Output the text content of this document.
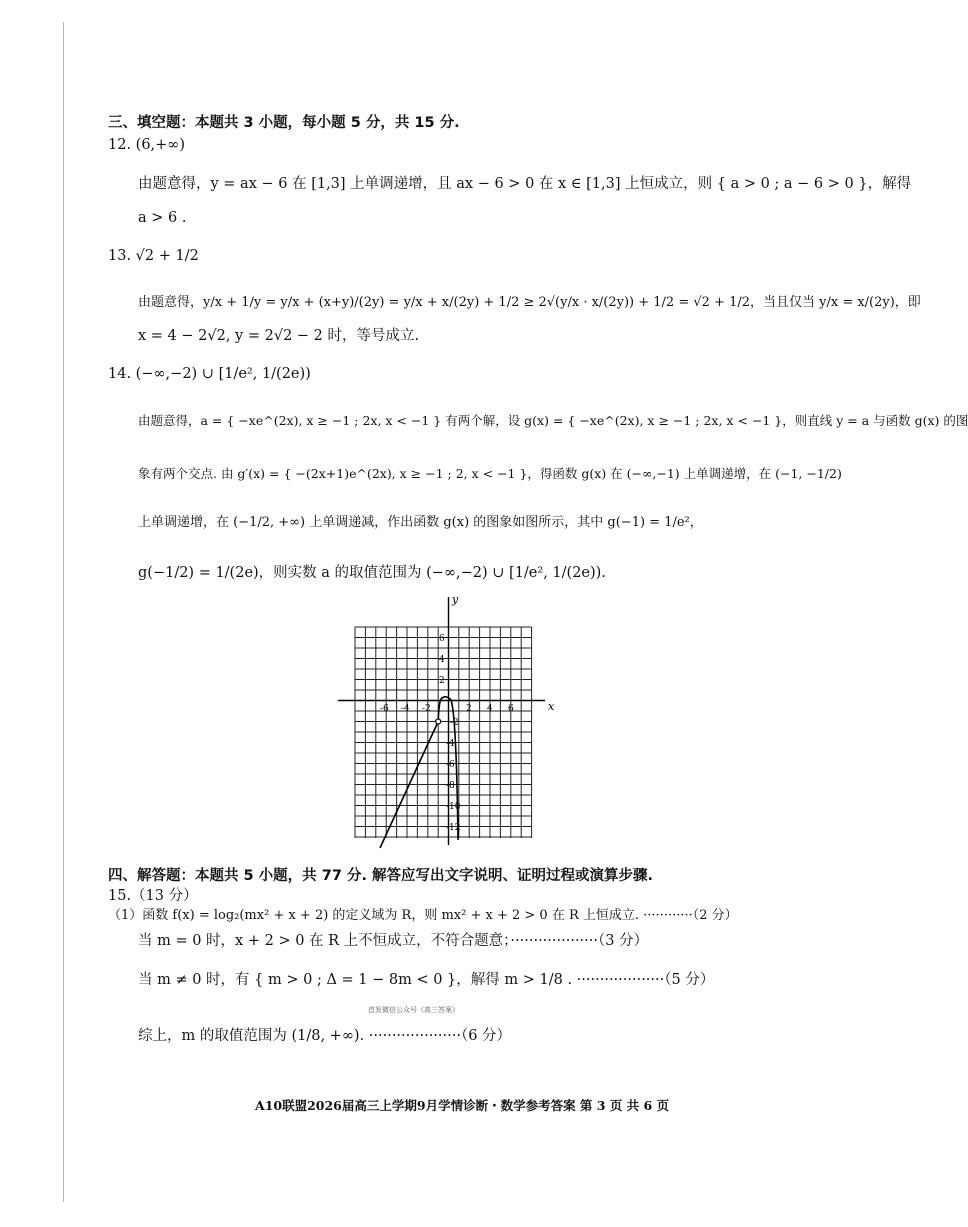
三、填空题：本题共 3 小题，每小题 5 分，共 15 分.
12. (6,+∞)
由题意得，y = ax − 6 在 [1,3] 上单调递增，且 ax − 6 > 0 在 x ∈ [1,3] 上恒成立，则 { a > 0 ; a − 6 > 0 }，解得
a > 6 .
13. √2 + 1/2
由题意得，y/x + 1/y = y/x + (x+y)/(2y) = y/x + x/(2y) + 1/2 ≥ 2√(y/x · x/(2y)) + 1/2 = √2 + 1/2，当且仅当 y/x = x/(2y)，即
x = 4 − 2√2, y = 2√2 − 2 时，等号成立.
14. (−∞,−2) ∪ [1/e², 1/(2e))
由题意得，a = { −xe^(2x), x ≥ −1 ; 2x, x < −1 } 有两个解，设 g(x) = { −xe^(2x), x ≥ −1 ; 2x, x < −1 }，则直线 y = a 与函数 g(x) 的图
象有两个交点. 由 g′(x) = { −(2x+1)e^(2x), x ≥ −1 ; 2, x < −1 }，得函数 g(x) 在 (−∞,−1) 上单调递增，在 (−1, −1/2)
上单调递增，在 (−1/2, +∞) 上单调递减，作出函数 g(x) 的图象如图所示，其中 g(−1) = 1/e²，
g(−1/2) = 1/(2e)，则实数 a 的取值范围为 (−∞,−2) ∪ [1/e², 1/(2e)).
x
y
-6 -4 -2	2 4 6
6
4
2
-2
-4
-6
-8
-10
-12
四、解答题：本题共 5 小题，共 77 分. 解答应写出文字说明、证明过程或演算步骤.
15.（13 分）
（1）函数 f(x) = log₂(mx² + x + 2) 的定义域为 R，则 mx² + x + 2 > 0 在 R 上恒成立. ············（2 分）
当 m = 0 时，x + 2 > 0 在 R 上不恒成立，不符合题意；···················（3 分）
当 m ≠ 0 时，有 { m > 0 ; Δ = 1 − 8m < 0 }，解得 m > 1/8 . ···················（5 分）
首发微信公众号《高三答案》
综上，m 的取值范围为 (1/8, +∞). ····················（6 分）
A10联盟2026届高三上学期9月学情诊断・数学参考答案 第 3 页 共 6 页
